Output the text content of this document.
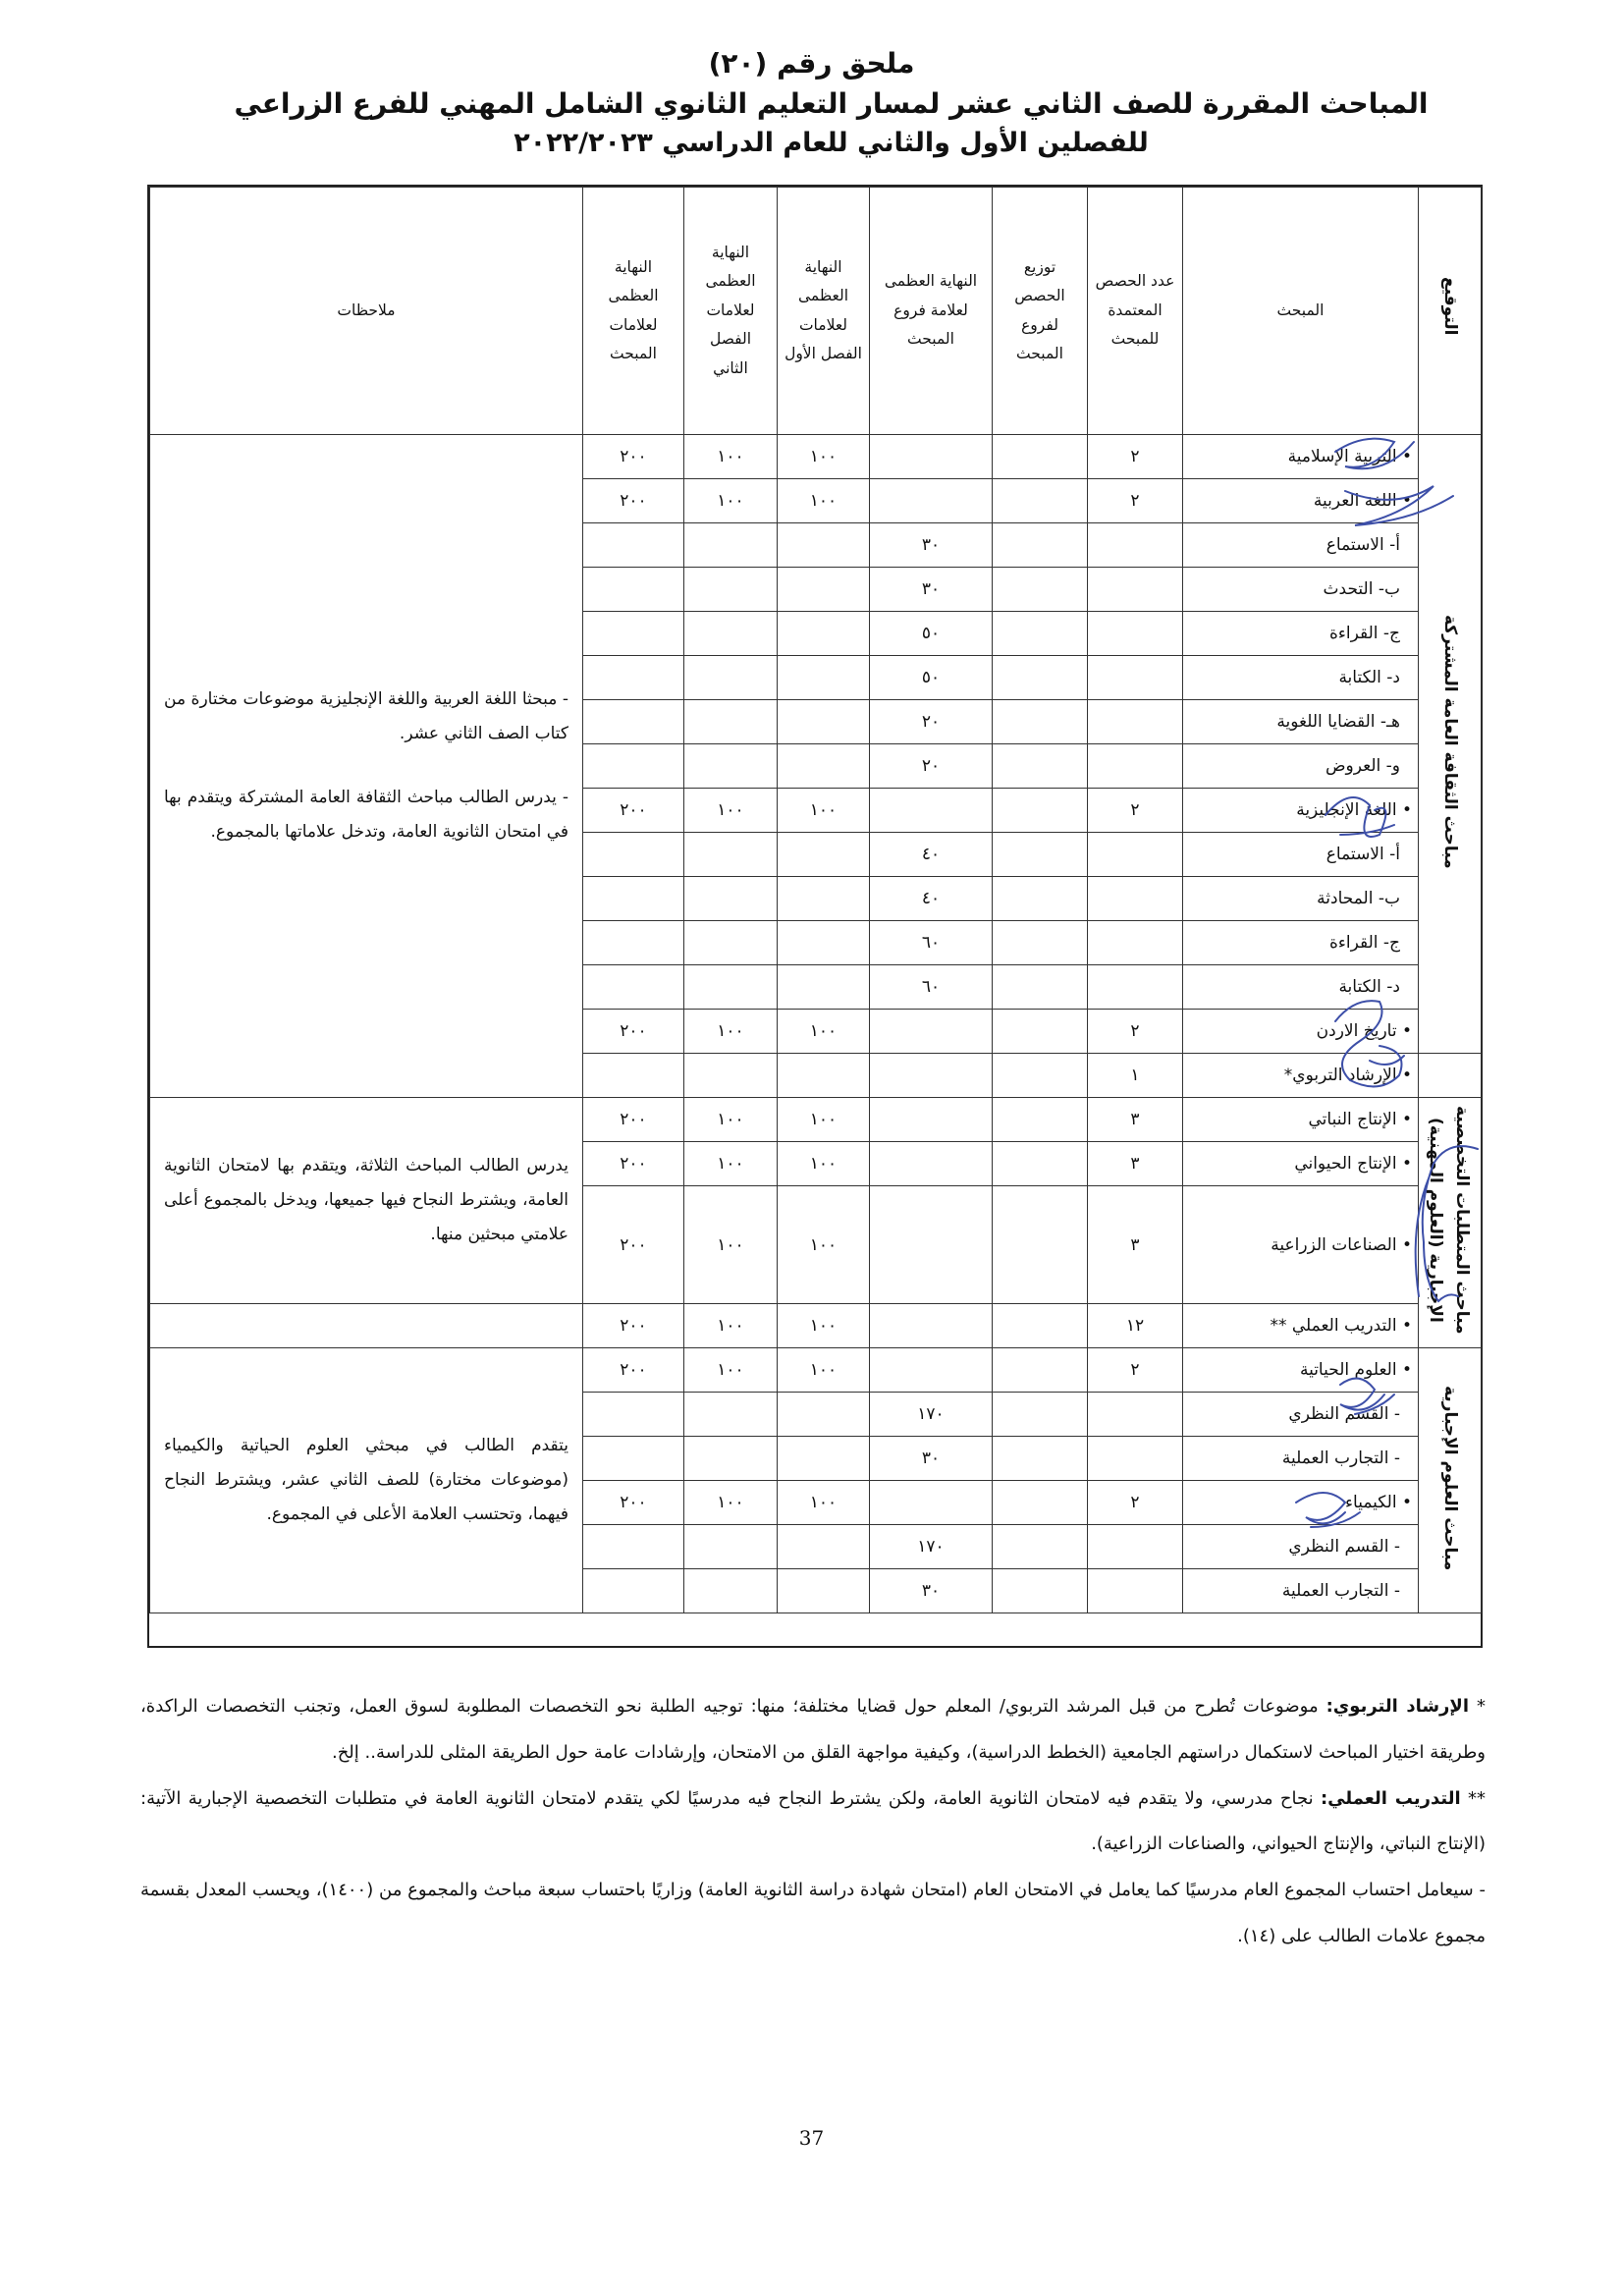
ملحق رقم (٢٠)

المباحث المقررة للصف الثاني عشر لمسار التعليم الثانوي الشامل المهني للفرع الزراعي

للفصلين الأول والثاني للعام الدراسي ٢٠٢٢/٢٠٢٣

التوقيع	المبحث	عدد الحصص المعتمدة للمبحث	توزيع الحصص لفروع المبحث	النهاية العظمى لعلامة فروع المبحث	النهاية العظمى لعلامات الفصل الأول	النهاية العظمى لعلامات الفصل الثاني	النهاية العظمى لعلامات المبحث	ملاحظات
مباحث الثقافة العامة المشتركة	• التربية الإسلامية	٢			١٠٠	١٠٠	٢٠٠	- مبحثا اللغة العربية واللغة الإنجليزية موضوعات مختارة من كتاب الصف الثاني عشر.
- يدرس الطالب مباحث الثقافة العامة المشتركة ويتقدم بها في امتحان الثانوية العامة، وتدخل علاماتها بالمجموع.

	• اللغة العربية	٢			١٠٠	١٠٠	٢٠٠	
	أ- الاستماع			٣٠				
	ب- التحدث			٣٠				
	ج- القراءة			٥٠				
	د- الكتابة			٥٠				
	هـ- القضايا اللغوية			٢٠				
	و- العروض			٢٠				
	• اللغة الإنجليزية	٢			١٠٠	١٠٠	٢٠٠	
	أ- الاستماع			٤٠				
	ب- المحادثة			٤٠				
	ج- القراءة			٦٠				
	د- الكتابة			٦٠				
	• تاريخ الاردن	٢			١٠٠	١٠٠	٢٠٠	
	• الإرشاد التربوي*	١						
مباحث المتطلبات التخصصية الإجبارية (العلوم المهنية)	• الإنتاج النباتي	٣			١٠٠	١٠٠	٢٠٠	يدرس الطالب المباحث الثلاثة، ويتقدم بها لامتحان الثانوية العامة، ويشترط النجاح فيها جميعها، ويدخل بالمجموع أعلى علامتي مبحثين منها.

	• الإنتاج الحيواني	٣			١٠٠	١٠٠	٢٠٠	
	• الصناعات الزراعية	٣			١٠٠	١٠٠	٢٠٠	
	• التدريب العملي **	١٢			١٠٠	١٠٠	٢٠٠	
مباحث العلوم الإجبارية	• العلوم الحياتية	٢			١٠٠	١٠٠	٢٠٠	يتقدم الطالب في مبحثي العلوم الحياتية والكيمياء (موضوعات مختارة) للصف الثاني عشر، ويشترط النجاح فيهما، وتحتسب العلامة الأعلى في المجموع.

	- القسم النظري			١٧٠				
	- التجارب العملية			٣٠				
	• الكيمياء	٢			١٠٠	١٠٠	٢٠٠	
	- القسم النظري			١٧٠				
	- التجارب العملية			٣٠				

* الإرشاد التربوي: موضوعات تُطرح من قبل المرشد التربوي/ المعلم حول قضايا مختلفة؛ منها: توجيه الطلبة نحو التخصصات المطلوبة لسوق العمل، وتجنب التخصصات الراكدة، وطريقة اختيار المباحث لاستكمال دراستهم الجامعية (الخطط الدراسية)، وكيفية مواجهة القلق من الامتحان، وإرشادات عامة حول الطريقة المثلى للدراسة.. إلخ.

** التدريب العملي: نجاح مدرسي، ولا يتقدم فيه لامتحان الثانوية العامة، ولكن يشترط النجاح فيه مدرسيًا لكي يتقدم لامتحان الثانوية العامة في متطلبات التخصصية الإجبارية الآتية: (الإنتاج النباتي، والإنتاج الحيواني، والصناعات الزراعية).

- سيعامل احتساب المجموع العام مدرسيًا كما يعامل في الامتحان العام (امتحان شهادة دراسة الثانوية العامة) وزاريًا باحتساب سبعة مباحث والمجموع من (١٤٠٠)، ويحسب المعدل بقسمة مجموع علامات الطالب على (١٤).

37
